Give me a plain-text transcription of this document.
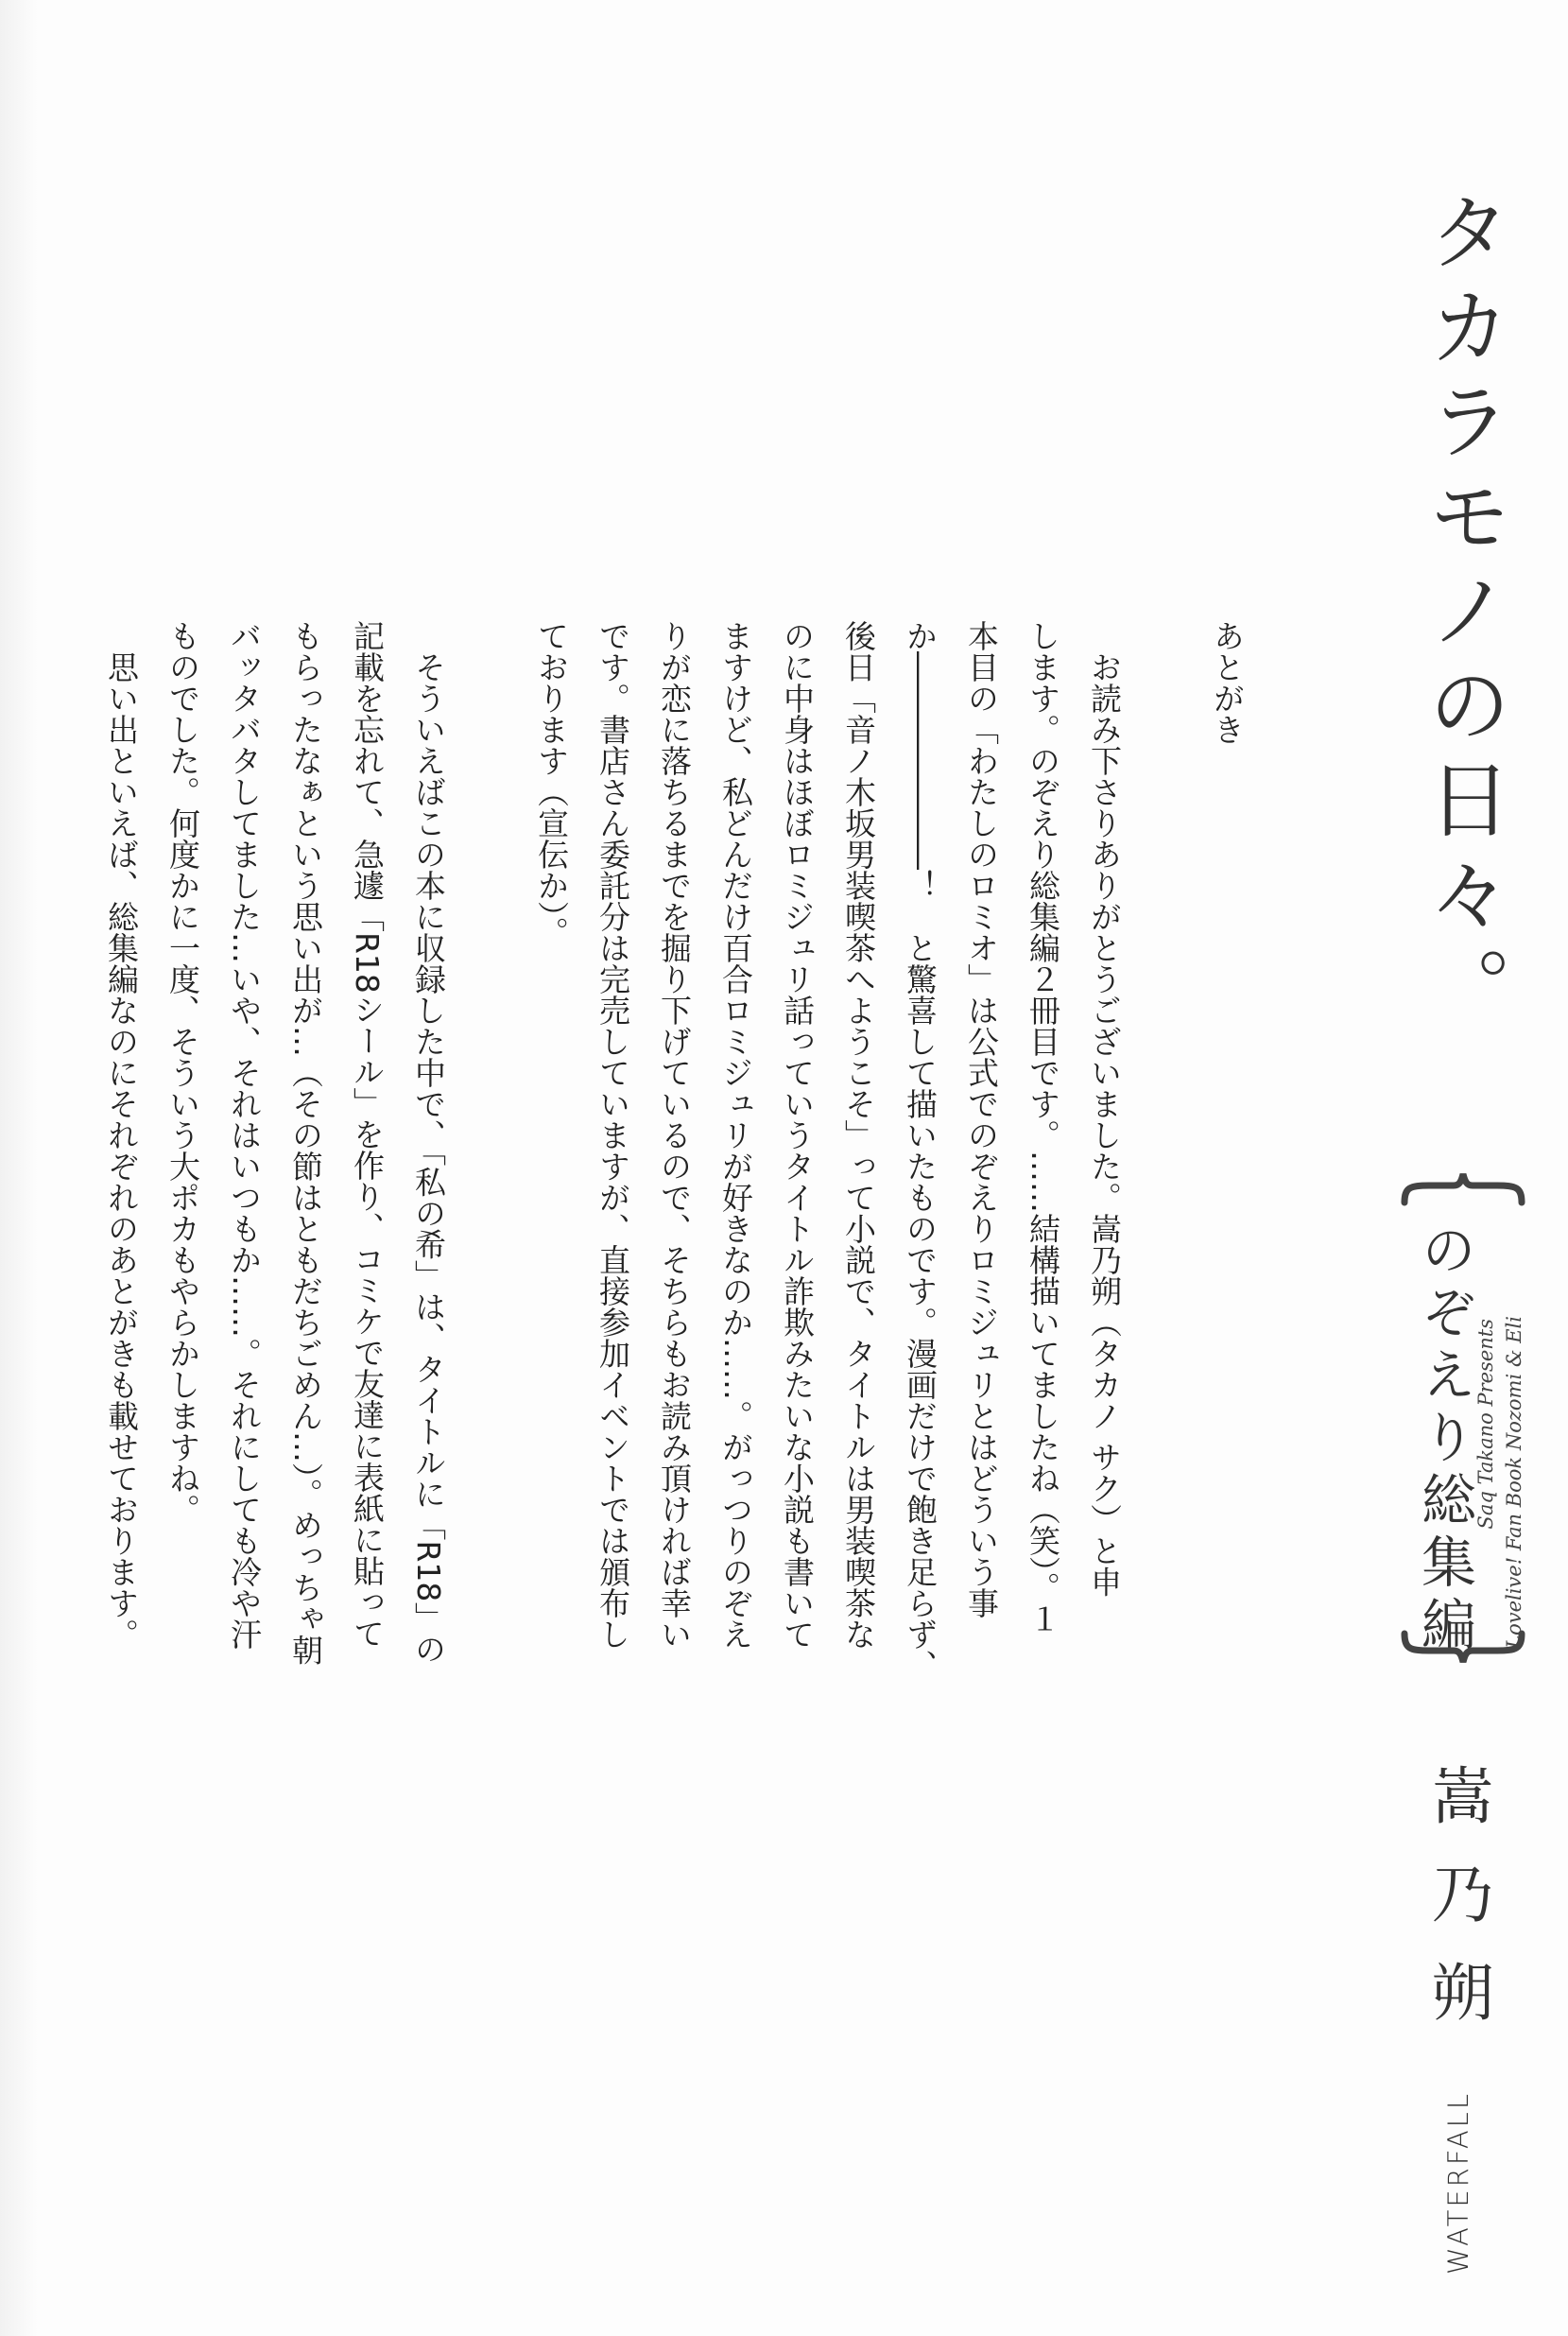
タカラモノの日々。
のぞえり総集編
Saq Takano Presents Lovelive! Fan Book Nozomi & Eli
嵩乃朔
WATERFALL
あとがき

　お読み下さりありがとうございました。嵩乃朔（タカノ サク）と申
します。のぞえり総集編２冊目です。……結構描いてましたね（笑）。１
本目の「わたしのロミオ」は公式でのぞえりロミジュリとはどういう事
か―――――――！　と驚喜して描いたものです。漫画だけで飽き足らず、
後日「音ノ木坂男装喫茶へようこそ」って小説で、タイトルは男装喫茶な
のに中身はほぼロミジュリ話っていうタイトル詐欺みたいな小説も書いて
ますけど、私どんだけ百合ロミジュリが好きなのか……。がっつりのぞえ
りが恋に落ちるまでを掘り下げているので、そちらもお読み頂ければ幸い
です。書店さん委託分は完売していますが、直接参加イベントでは頒布し
ております（宣伝か）。

　そういえばこの本に収録した中で、「私の希」は、タイトルに「R18」の
記載を忘れて、急遽「R18シール」を作り、コミケで友達に表紙に貼って
もらったなぁという思い出が…（その節はともだちごめん…）。めっちゃ朝
バッタバタしてました…いや、それはいつもか……。それにしても冷や汗
ものでした。何度かに一度、そういう大ポカもやらかしますね。
　思い出といえば、総集編なのにそれぞれのあとがきも載せております。
